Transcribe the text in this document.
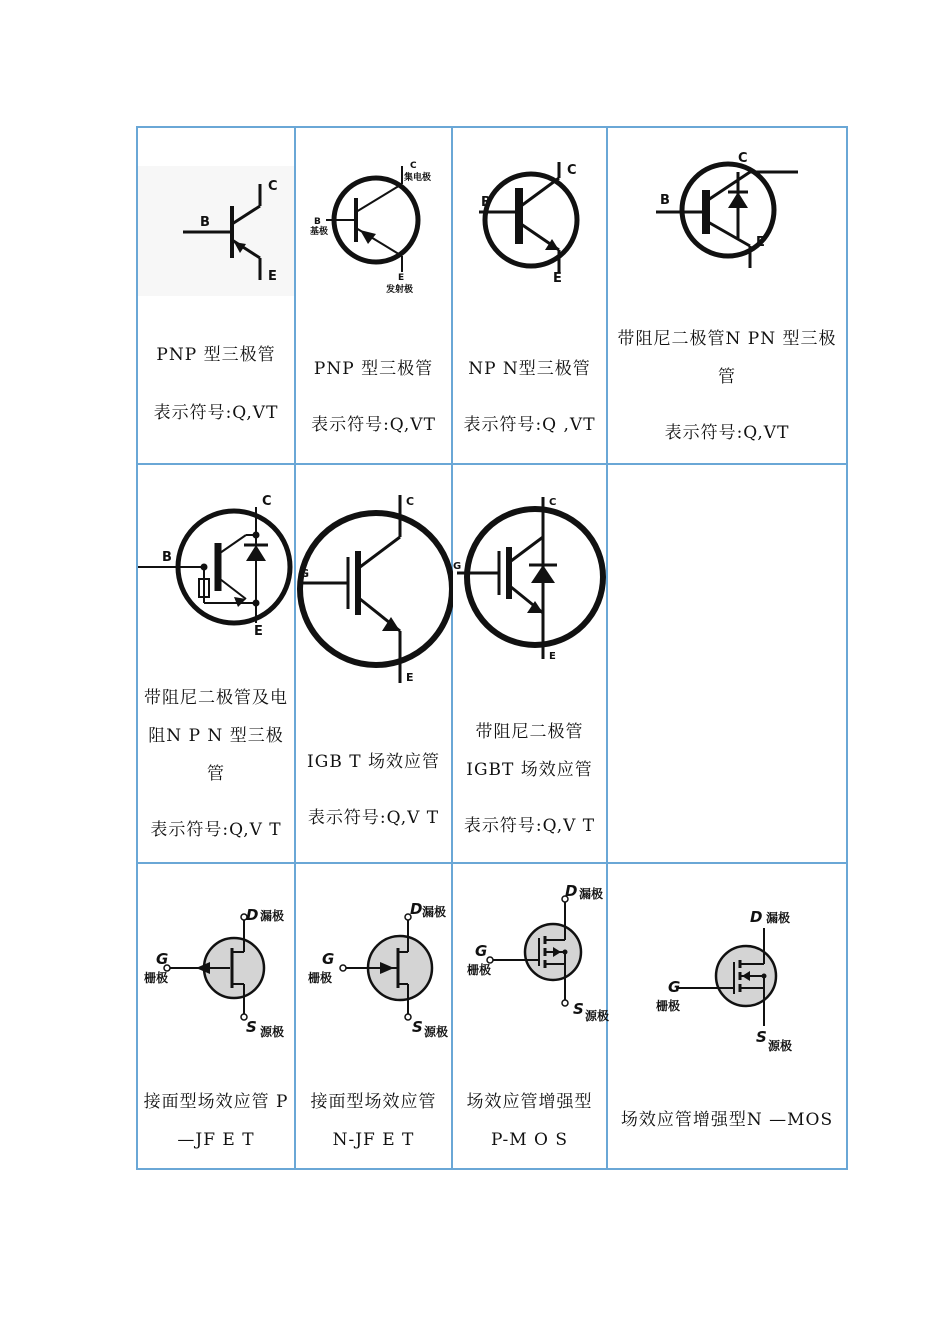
C
B
E
PNP 型三极管
表示符号:Q,VT
C
集电极
B
基极
E
发射极
PNP 型三极管
表示符号:Q,VT
C
B
E
NP N型三极管
表示符号:Q ,VT
C
B
E
带阻尼二极管N PN 型三极
管
表示符号:Q,VT
C
B
E
带阻尼二极管及电
阻N P N 型三极
管
表示符号:Q,V T
C
G
E
IGB T 场效应管
表示符号:Q,V T
C
G
E
带阻尼二极管
IGBT 场效应管
表示符号:Q,V T
D 漏极
G
栅极
S 源极
接面型场效应管 P
—JF E T
D 漏极
G
栅极
S 源极
接面型场效应管
N-JF E T
D 漏极
G
栅极
S 源极
场效应管增强型
P-M O S
D 漏极
G
栅极
S 源极
场效应管增强型N —MOS
